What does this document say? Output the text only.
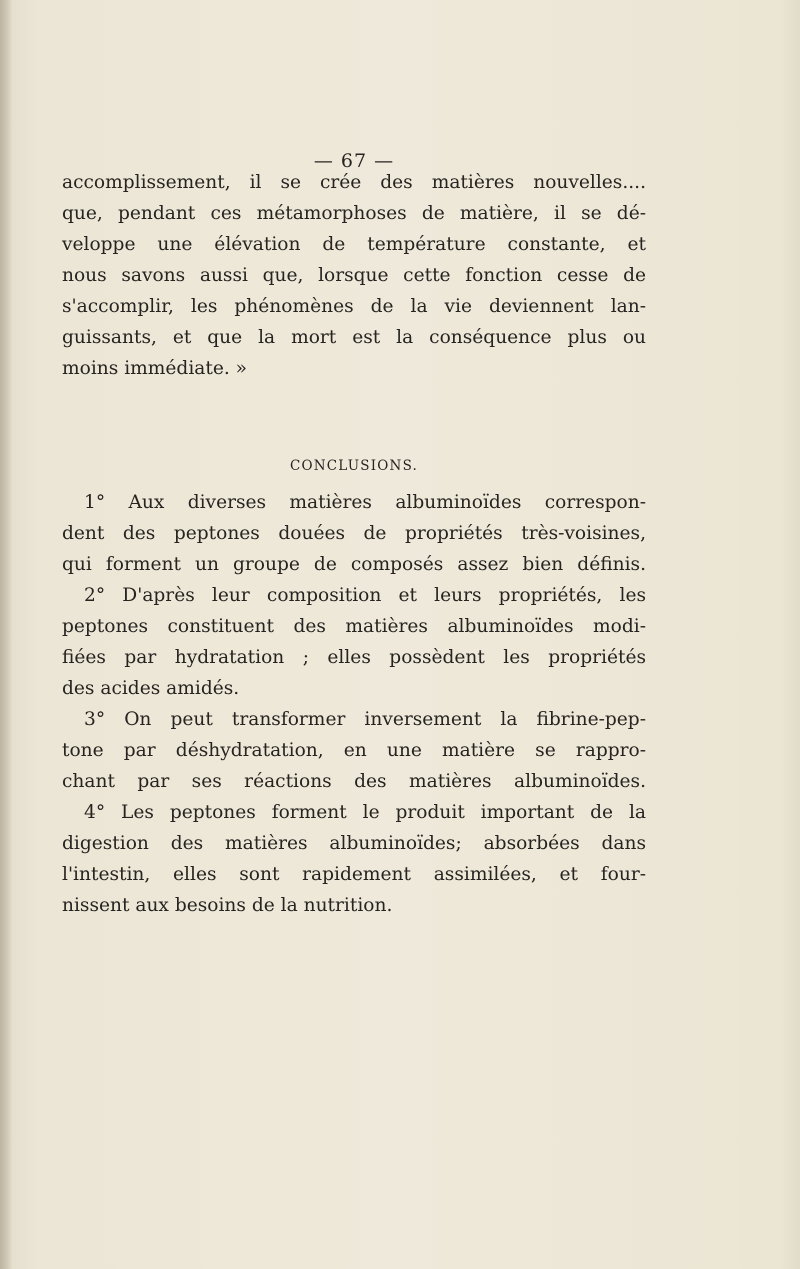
— 67 —
accomplissement, il se crée des matières nouvelles....
que, pendant ces métamorphoses de matière, il se dé-
veloppe une élévation de température constante, et
nous savons aussi que, lorsque cette fonction cesse de
s'accomplir, les phénomènes de la vie deviennent lan-
guissants, et que la mort est la conséquence plus ou
moins immédiate. »
CONCLUSIONS.
1° Aux diverses matières albuminoïdes correspon-
dent des peptones douées de propriétés très-voisines,
qui forment un groupe de composés assez bien définis.
2° D'après leur composition et leurs propriétés, les
peptones constituent des matières albuminoïdes modi-
fiées par hydratation ; elles possèdent les propriétés
des acides amidés.
3° On peut transformer inversement la fibrine-pep-
tone par déshydratation, en une matière se rappro-
chant par ses réactions des matières albuminoïdes.
4° Les peptones forment le produit important de la
digestion des matières albuminoïdes; absorbées dans
l'intestin, elles sont rapidement assimilées, et four-
nissent aux besoins de la nutrition.
